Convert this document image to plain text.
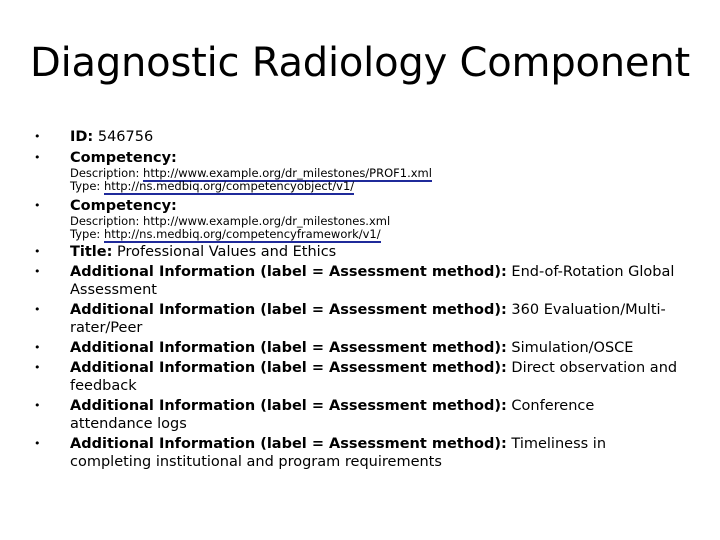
Diagnostic Radiology Component
• ID: 546756
• Competency:
Description: http://www.example.org/dr_milestones/PROF1.xml
Type: http://ns.medbiq.org/competencyobject/v1/
• Competency:
Description: http://www.example.org/dr_milestones.xml
Type: http://ns.medbiq.org/competencyframework/v1/
• Title: Professional Values and Ethics
• Additional Information (label = Assessment method): End-of-Rotation Global Assessment
• Additional Information (label = Assessment method): 360 Evaluation/Multi-rater/Peer
• Additional Information (label = Assessment method): Simulation/OSCE
• Additional Information (label = Assessment method): Direct observation and feedback
• Additional Information (label = Assessment method): Conference attendance logs
• Additional Information (label = Assessment method): Timeliness in completing institutional and program requirements
